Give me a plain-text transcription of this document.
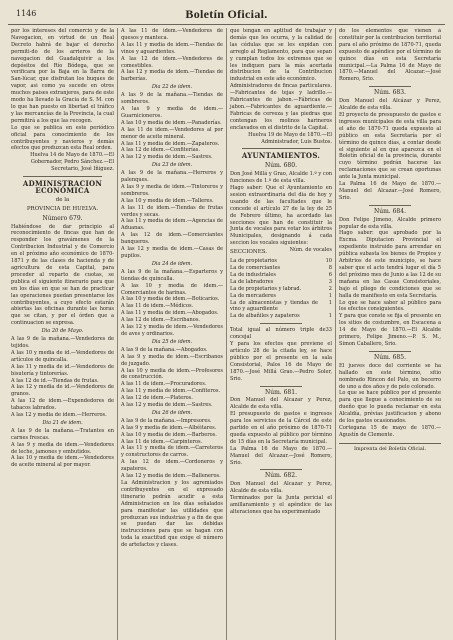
1146	Boletín Oficial.

por los intereses del comercio y de la Navegacion, en virtud de un Real Decreto habrá de bajar el derecho permiti-do de los arrieros de la navegacion del Guadalquivir a los depósitos del Río Bódega, que se verificara por la Baja en la Barra de San-lúcar, que disfrutan los buques de vapor, asi como ya sucede en otros muchos paises extranjeros, para de este modo ha llevado la Gracia de S. M. con lo que han puesto en libertad el tráfico y las mercancías de la Provincia, la cual permitirá a los que las recogen.

Lo que se publica en este periódico oficial para conocimiento de los contribuyentes y navieros y demás efectos que produzcan esta Real orden.

Huelva 14 de Mayo de 1870.—El Gobernador, Pedro Sánchez.—El Secretario, José Iñiguez.

ADMINISTRACION ECONÓMICA
de la
PROVINCIA DE HUELVA.
Número 679.

Habiéndose de dar principio al reconocimiento de fincas que han de responder los gravámenes de la Contribucion Industrial y de Comercio en el próximo año económico de 1870-1871 y de las clases de hacienda y de agricultura de esta Capital, para proceder al reparto de cuotas, se publica el siguiente itinerario para que en los días en que se han de practicar las operaciones puedan presentarse los contribuyentes, a cuyo efecto estarán abiertas las oficinas durante las horas que se citan, y por el órden que a continuacion se expresa.

Dia 20 de Mayo.

A las 9 de la mañana.—Vendedores de tejidos.

A las 10 y media de id.—Vendedores de artículos de quincalla.

A las 11 y media de id.—Vendedores de bisutería y tintorerías.

A las 12 de id.—Tiendas de frutas.

A las 12 y media de id.—Vendedores de granos.

A las 12 de idem.—Expendedores de tabacos labrados.

A las 12 y media de idem.—Herreros.

Dia 21 de idem.

A las 9 de la mañana.—Tratantes en carnes frescas.

A las 9 y media de idem.—Vendedores de leche, jamones y embutidos.

A las 10 y media de idem.—Vendedores de aceite mineral al por mayor.

A las 11 de idem.—Vendedores de quesos y manteca.

A las 11 y media de idem.—Tiendas de vinos y aguardientes.

A las 12 de idem.—Vendedores de comestibles.

A las 12 y media de idem.—Tiendas de barberías.

Dia 22 de idem.

A las 9 de la mañana.—Tiendas de sombreros.

A las 9 y media de idem.—Guarnicioneros.

A las 10 y media de idem.—Panaderías.

A las 11 de idem.—Vendedores al por menor de aceite mineral.

A las 11 y media de idem.—Zapateros.

A las 12 de idem.—Confiterías.

A las 12 y media de idem.—Sastres.

Dia 23 de idem.

A las 9 de la mañana.—Herreros y palenques.

A las 9 y media de idem.—Tintoreros y sombreros.

A las 10 y media de idem.—Talleres.

A las 11 de idem.—Tiendas de frutas verdes y secas.

A las 11 y media de idem.—Agencias de Aduanas.

A las 12 de idem.—Comerciantes banqueros.

A las 12 y media de idem.—Casas de pupilos.

Dia 24 de idem.

A las 9 de la mañana.—Esparteros y tiendas de quincalla.

A las 10 y media de idem.—Comerciantes de harinas.

A las 10 y media de idem.—Boticarios.

A las 11 de idem.—Médicos.

A las 11 y media de idem.—Abogados.

A las 12 de idem.—Escribanos.

A las 12 y media de idem.—Vendedores de aves y ordinarios.

Dia 25 de idem.

A las 9 de la mañana.—Abogados.

A las 9 y media de idem.—Escribanos de juzgado.

A las 10 y media de idem.—Profesores de construcción.

A las 11 de idem.—Procuradores.

A las 11 y media de idem.—Confiteros.

A las 12 de idem.—Plateros.

A las 12 y media de idem.—Sastres.

Dia 26 de idem.

A las 9 de la mañana.—Impresores.

A las 9 y media de idem.—Albéitares.

A las 10 y media de idem.—Barberos.

A las 11 de idem.—Carpinteros.

A las 11 y media de idem.—Carreteros y constructores de carros.

A las 12 de idem.—Cordoneros y zapateros.

A las 12 y media de idem.—Balleneros.

La Administracion y los agremiados contribuyentes en el expresado itinerario podrán acudir a esta Administracion en los días señalados para manifestar las utilidades que produzcan sus industrias y a fin de que se puedan dar las debidas instrucciones para que se hagan con toda la exactitud que exige el número de artefactos y clases.

que tengan en aptitud de trabajar y demás que les ocurra, y la calidad de las cédulas que se les expidan con arreglo al Reglamento, para que sepan y cumplan todos los extremos que se les indiquen para la más acertada distribucion de la Contribucion industrial en este año económico.

Administradores de fincas particulares.—Fabricantes de tejas y ladrillo.—Fabricantes de jabon.—Fábricas de jabon.—Fabricantes de aguardiente.—Fabricas de cerveza y las piedras que contengan los molinos harineros enclavados en el distrito de la Capital.

Huelva 19 de Mayo de 1870.—El Administrador, Luis Bustos.

AYUNTAMIENTOS.
Núm. 680.

Don José Millá y Grao, Alcalde 1.º y con funciones de 1.º de esta villa.

Hago saber: Que el Ayuntamiento en sesion extraordinaria del dia de hoy y usando de las facultades que le concede el artículo 27 de la ley de 25 de Febrero último, ha acordado las secciones que han de constituir la Junta de vocales para votar los árbitros Municipales, designando á cada seccion los vocales siguientes:

SECCIONES.	Núm. de vocales
La de propietarios	10
La de comerciantes	8
La de industriales	6
La de labradores	3
La de propietarios y labrad.	2
La de mercaderes	1
La de almacenistas y tiendas de vino y aguardiente	1
La de albañiles y zapateros	1
Total igual al número triple de concejal
33

Y para los efectos que previene el artículo 28 de la citada ley, se hace público por el presente en la sala Consistorial, Palos 16 de Mayo de 1870.—José Millá Grao.—Pedro Soler, Srio.

Núm. 681.

Don Manuel del Alcazar y Perez, Alcalde de esta villa.

El presupuesto de gastos e ingresos para los servicios de la Cárcel de este partido en el año próximo de 1870-71 queda expuesto al público por término de 15 días en la Secretaría municipal.

La Palma 16 de Mayo de 1870.—Manuel del Alcazar.—José Romero, Srio.

Núm. 682.

Don Manuel del Alcazar y Perez, Alcalde de esta villa.

Terminados por la Junta pericial el amillaramiento y el apéndice de las alteraciones que ha experimentado

do los elementos que vienen á constituir por la contribucion territorial para el año próximo de 1870-71, queda expuesto de apéndice por el término de quince días en esta Secretaría municipal.—La Palma 16 de Mayo de 1870.—Manuel del Alcazar.—José Romero, Srio.

Núm. 683.

Don Manuel del Alcázar y Perez, Alcalde de esta villa.

El proyecto de presupuesto de gastos e ingresos municipales de esta villa para el año de 1870-71 queda expuesto al público en esta Secretaría por el término de quince días, a contar desde el siguiente al en que aparezca en el Boletín oficial de la provincia, durante cuyo término podrán hacerse las reclamaciones que se crean oportunas ante la Junta municipal.

La Palma 16 de Mayo de 1870.—Manuel del Alcazar.—José Romero, Srio.

Núm. 684.

Don Felipe Jimeno, Alcalde primero popular de esta villa.

Hago saber: que aprobado por la Excma. Diputacion Provincial el expediente instruido para arrendar en pública subasta los bienes de Propios y Arbitrios de este municipio, se hace saber que el acto tendrá lugar el día 5 del próximo mes de Junio a las 12 de su mañana en las Casas Consistoriales, bajo el pliego de condiciones que se halla de manifiesto en esta Secretaría.

Lo que se hace saber al público para los efectos consiguientes.

Y para que conste se fija el presente en los sitios de costumbre, en Escacena a 14 de Mayo de 1870.—El Alcalde primero, Felipe Jimeno.—P. S. M., Simon Caballero, Srio.

Núm. 685.

El jueves doce del corriente se ha hallado en este término, sitio nombrado Rincon del Palo, un becerro de uno a dos años y de pelo colorado.

Lo que se hace público por el presente para que llegue a conocimiento de su dueño que lo pueda reclamar en esta Alcaldía, prévias justificacion y abono de los gastos ocasionados.

Cortegana 15 de mayo de 1870.—Agustín de Clemente.

Imprenta del Boletín Oficial.
